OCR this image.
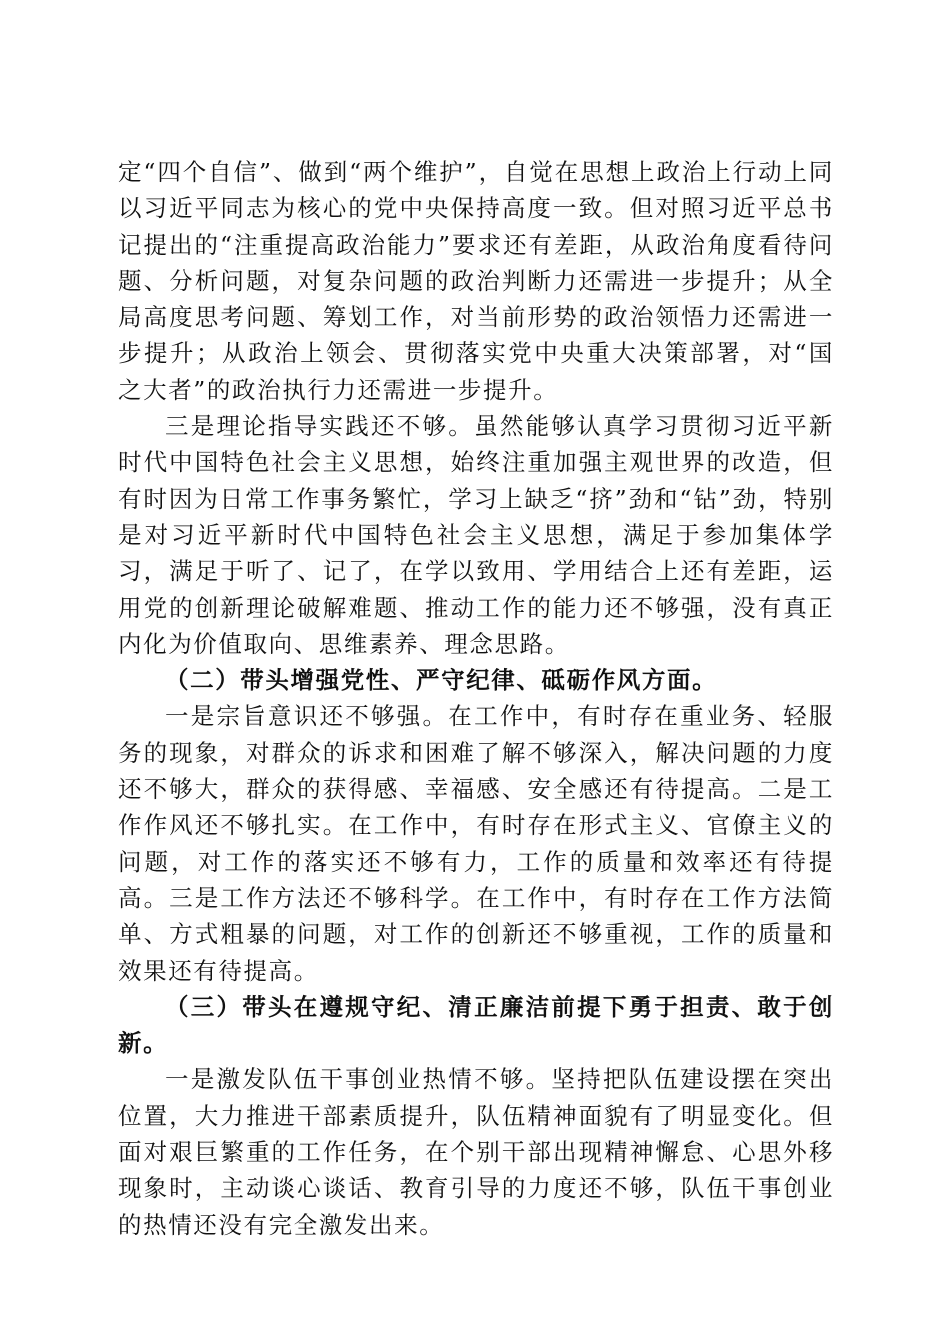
定“四个自信”、做到“两个维护”，自觉在思想上政治上行动上同以习近平同志为核心的党中央保持高度一致。但对照习近平总书记提出的“注重提高政治能力”要求还有差距，从政治角度看待问题、分析问题，对复杂问题的政治判断力还需进一步提升；从全局高度思考问题、筹划工作，对当前形势的政治领悟力还需进一步提升；从政治上领会、贯彻落实党中央重大决策部署，对“国之大者”的政治执行力还需进一步提升。

三是理论指导实践还不够。虽然能够认真学习贯彻习近平新时代中国特色社会主义思想，始终注重加强主观世界的改造，但有时因为日常工作事务繁忙，学习上缺乏“挤”劲和“钻”劲，特别是对习近平新时代中国特色社会主义思想，满足于参加集体学习，满足于听了、记了，在学以致用、学用结合上还有差距，运用党的创新理论破解难题、推动工作的能力还不够强，没有真正内化为价值取向、思维素养、理念思路。

（二）带头增强党性、严守纪律、砥砺作风方面。

一是宗旨意识还不够强。在工作中，有时存在重业务、轻服务的现象，对群众的诉求和困难了解不够深入，解决问题的力度还不够大，群众的获得感、幸福感、安全感还有待提高。二是工作作风还不够扎实。在工作中，有时存在形式主义、官僚主义的问题，对工作的落实还不够有力，工作的质量和效率还有待提高。三是工作方法还不够科学。在工作中，有时存在工作方法简单、方式粗暴的问题，对工作的创新还不够重视，工作的质量和效果还有待提高。

（三）带头在遵规守纪、清正廉洁前提下勇于担责、敢于创新。

一是激发队伍干事创业热情不够。坚持把队伍建设摆在突出位置，大力推进干部素质提升，队伍精神面貌有了明显变化。但面对艰巨繁重的工作任务，在个别干部出现精神懈怠、心思外移现象时，主动谈心谈话、教育引导的力度还不够，队伍干事创业的热情还没有完全激发出来。
